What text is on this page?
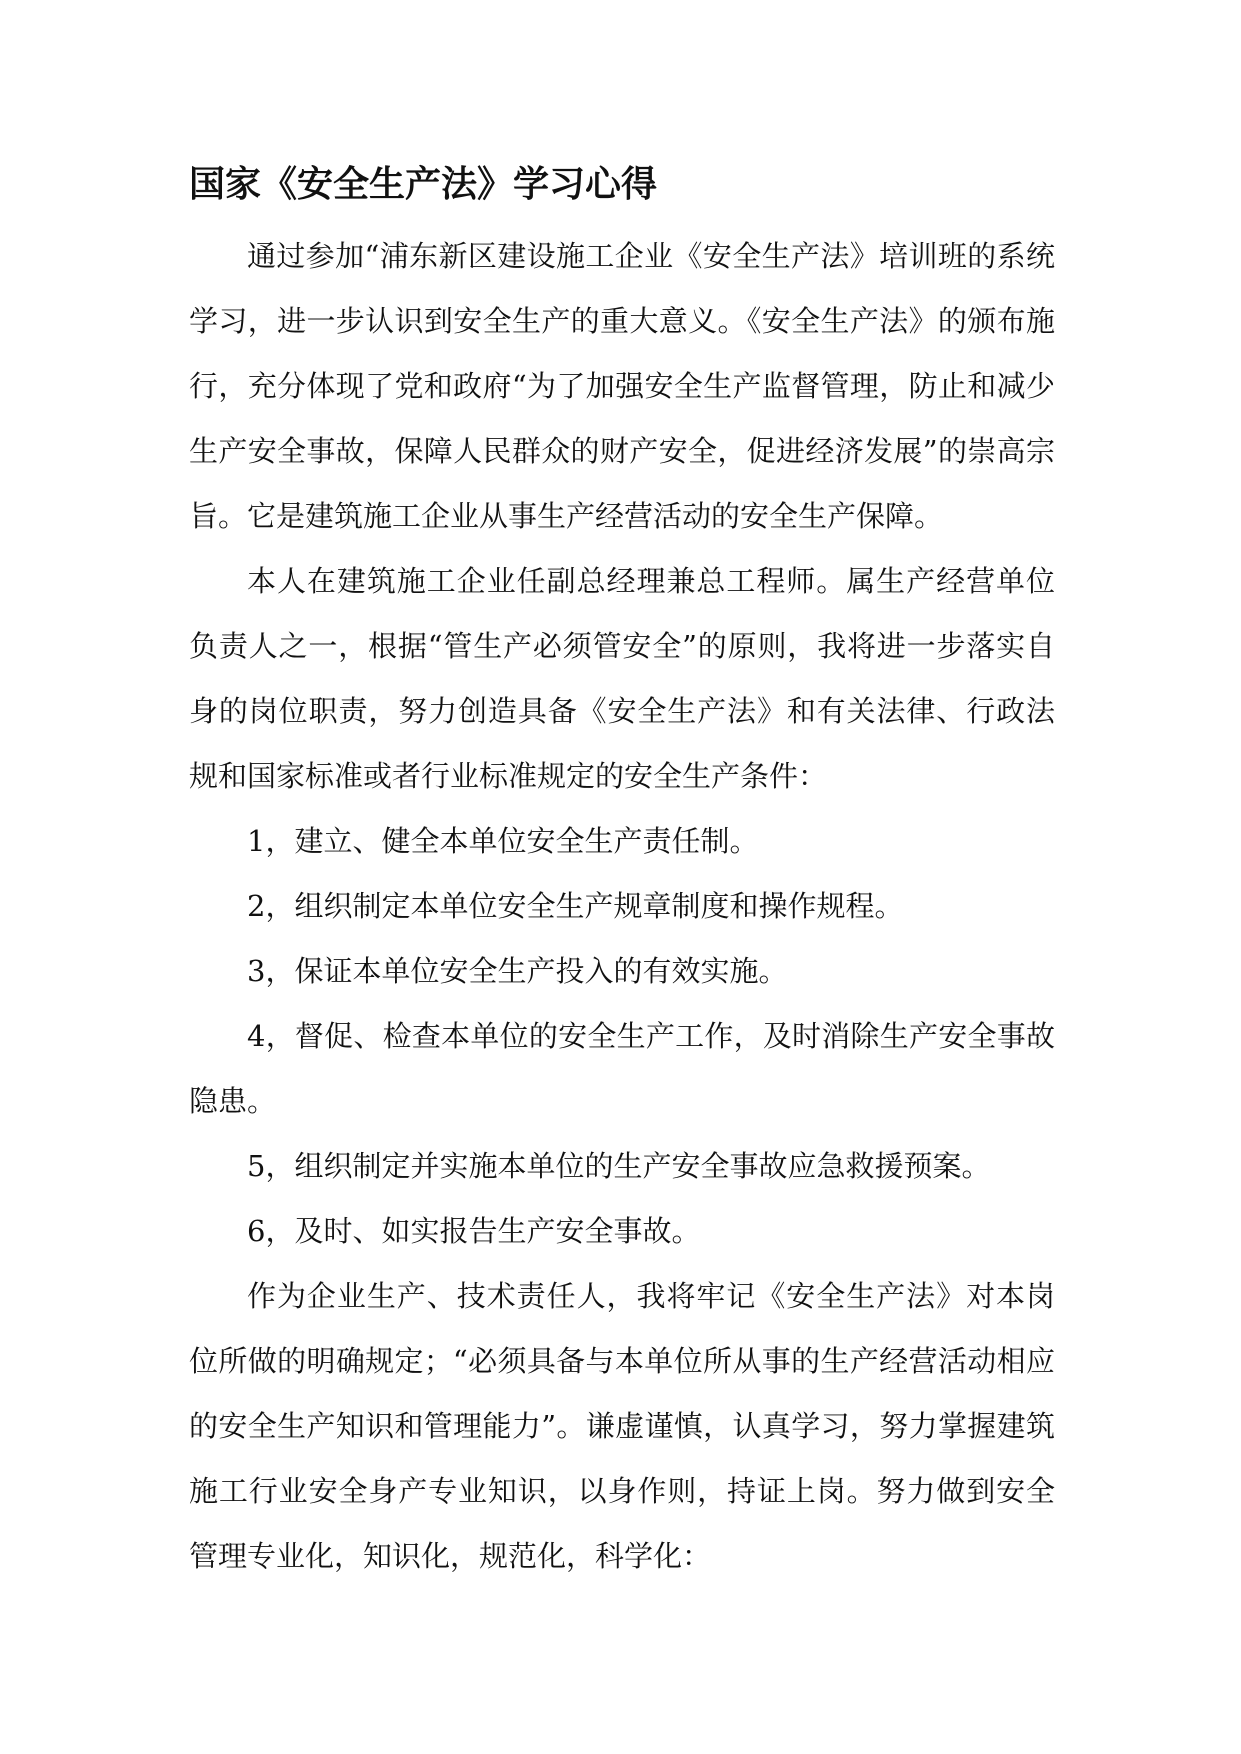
国家《安全生产法》学习心得

通过参加“浦东新区建设施工企业《安全生产法》培训班的系统学习，进一步认识到安全生产的重大意义。《安全生产法》的颁布施行，充分体现了党和政府“为了加强安全生产监督管理，防止和减少生产安全事故，保障人民群众的财产安全，促进经济发展”的崇高宗旨。它是建筑施工企业从事生产经营活动的安全生产保障。

本人在建筑施工企业任副总经理兼总工程师。属生产经营单位负责人之一，根据“管生产必须管安全”的原则，我将进一步落实自身的岗位职责，努力创造具备《安全生产法》和有关法律、行政法规和国家标准或者行业标准规定的安全生产条件：

1，建立、健全本单位安全生产责任制。

2，组织制定本单位安全生产规章制度和操作规程。

3，保证本单位安全生产投入的有效实施。

4，督促、检查本单位的安全生产工作，及时消除生产安全事故隐患。

5，组织制定并实施本单位的生产安全事故应急救援预案。

6，及时、如实报告生产安全事故。

作为企业生产、技术责任人，我将牢记《安全生产法》对本岗位所做的明确规定；“必须具备与本单位所从事的生产经营活动相应的安全生产知识和管理能力”。谦虚谨慎，认真学习，努力掌握建筑施工行业安全身产专业知识，以身作则，持证上岗。努力做到安全管理专业化，知识化，规范化，科学化：
